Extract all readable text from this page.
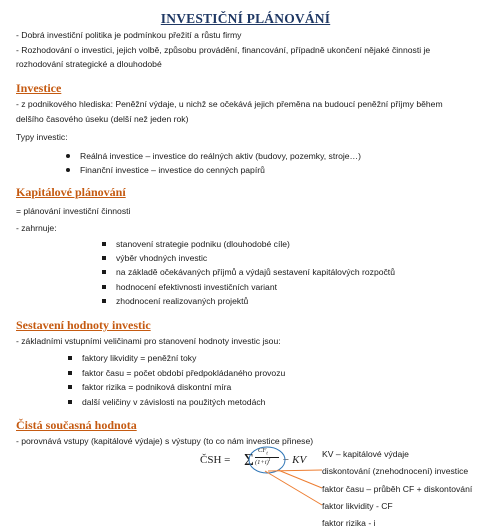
INVESTIČNÍ PLÁNOVÁNÍ
- Dobrá investiční politika je podmínkou přežití a růstu firmy
- Rozhodování o investici, jejich volbě, způsobu provádění, financování, případně ukončení nějaké činnosti je
rozhodování strategické a dlouhodobé
Investice
- z podnikového hlediska: Peněžní výdaje, u nichž se očekává jejich přeměna na budoucí peněžní příjmy během
delšího časového úseku (delší než jeden rok)
Typy investic:
Reálná investice – investice do reálných aktiv (budovy, pozemky, stroje…)
Finanční investice – investice do cenných papírů
Kapitálové plánování
= plánování investiční činnosti
- zahrnuje:
stanovení strategie podniku (dlouhodobé cíle)
výběr vhodných investic
na základě očekávaných příjmů a výdajů sestavení kapitálových rozpočtů
hodnocení efektivnosti investičních variant
zhodnocení realizovaných projektů
Sestavení hodnoty investic
- základními vstupními veličinami pro stanovení hodnoty investic jsou:
faktory likvidity = peněžní toky
faktor času = počet období předpokládaného provozu
faktor rizika = podniková diskontní míra
další veličiny v závislosti na použitých metodách
Čistá současná hodnota
- porovnává vstupy (kapitálové výdaje) s výstupy (to co nám investice přinese)
ČSH = Σ $CF_t$
$(1+i)^t$ − KV KV – kapitálové výdaje
diskontování (znehodnocení) investice
faktor času – průběh CF + diskontování
faktor likvidity - CF
faktor rizika - i
